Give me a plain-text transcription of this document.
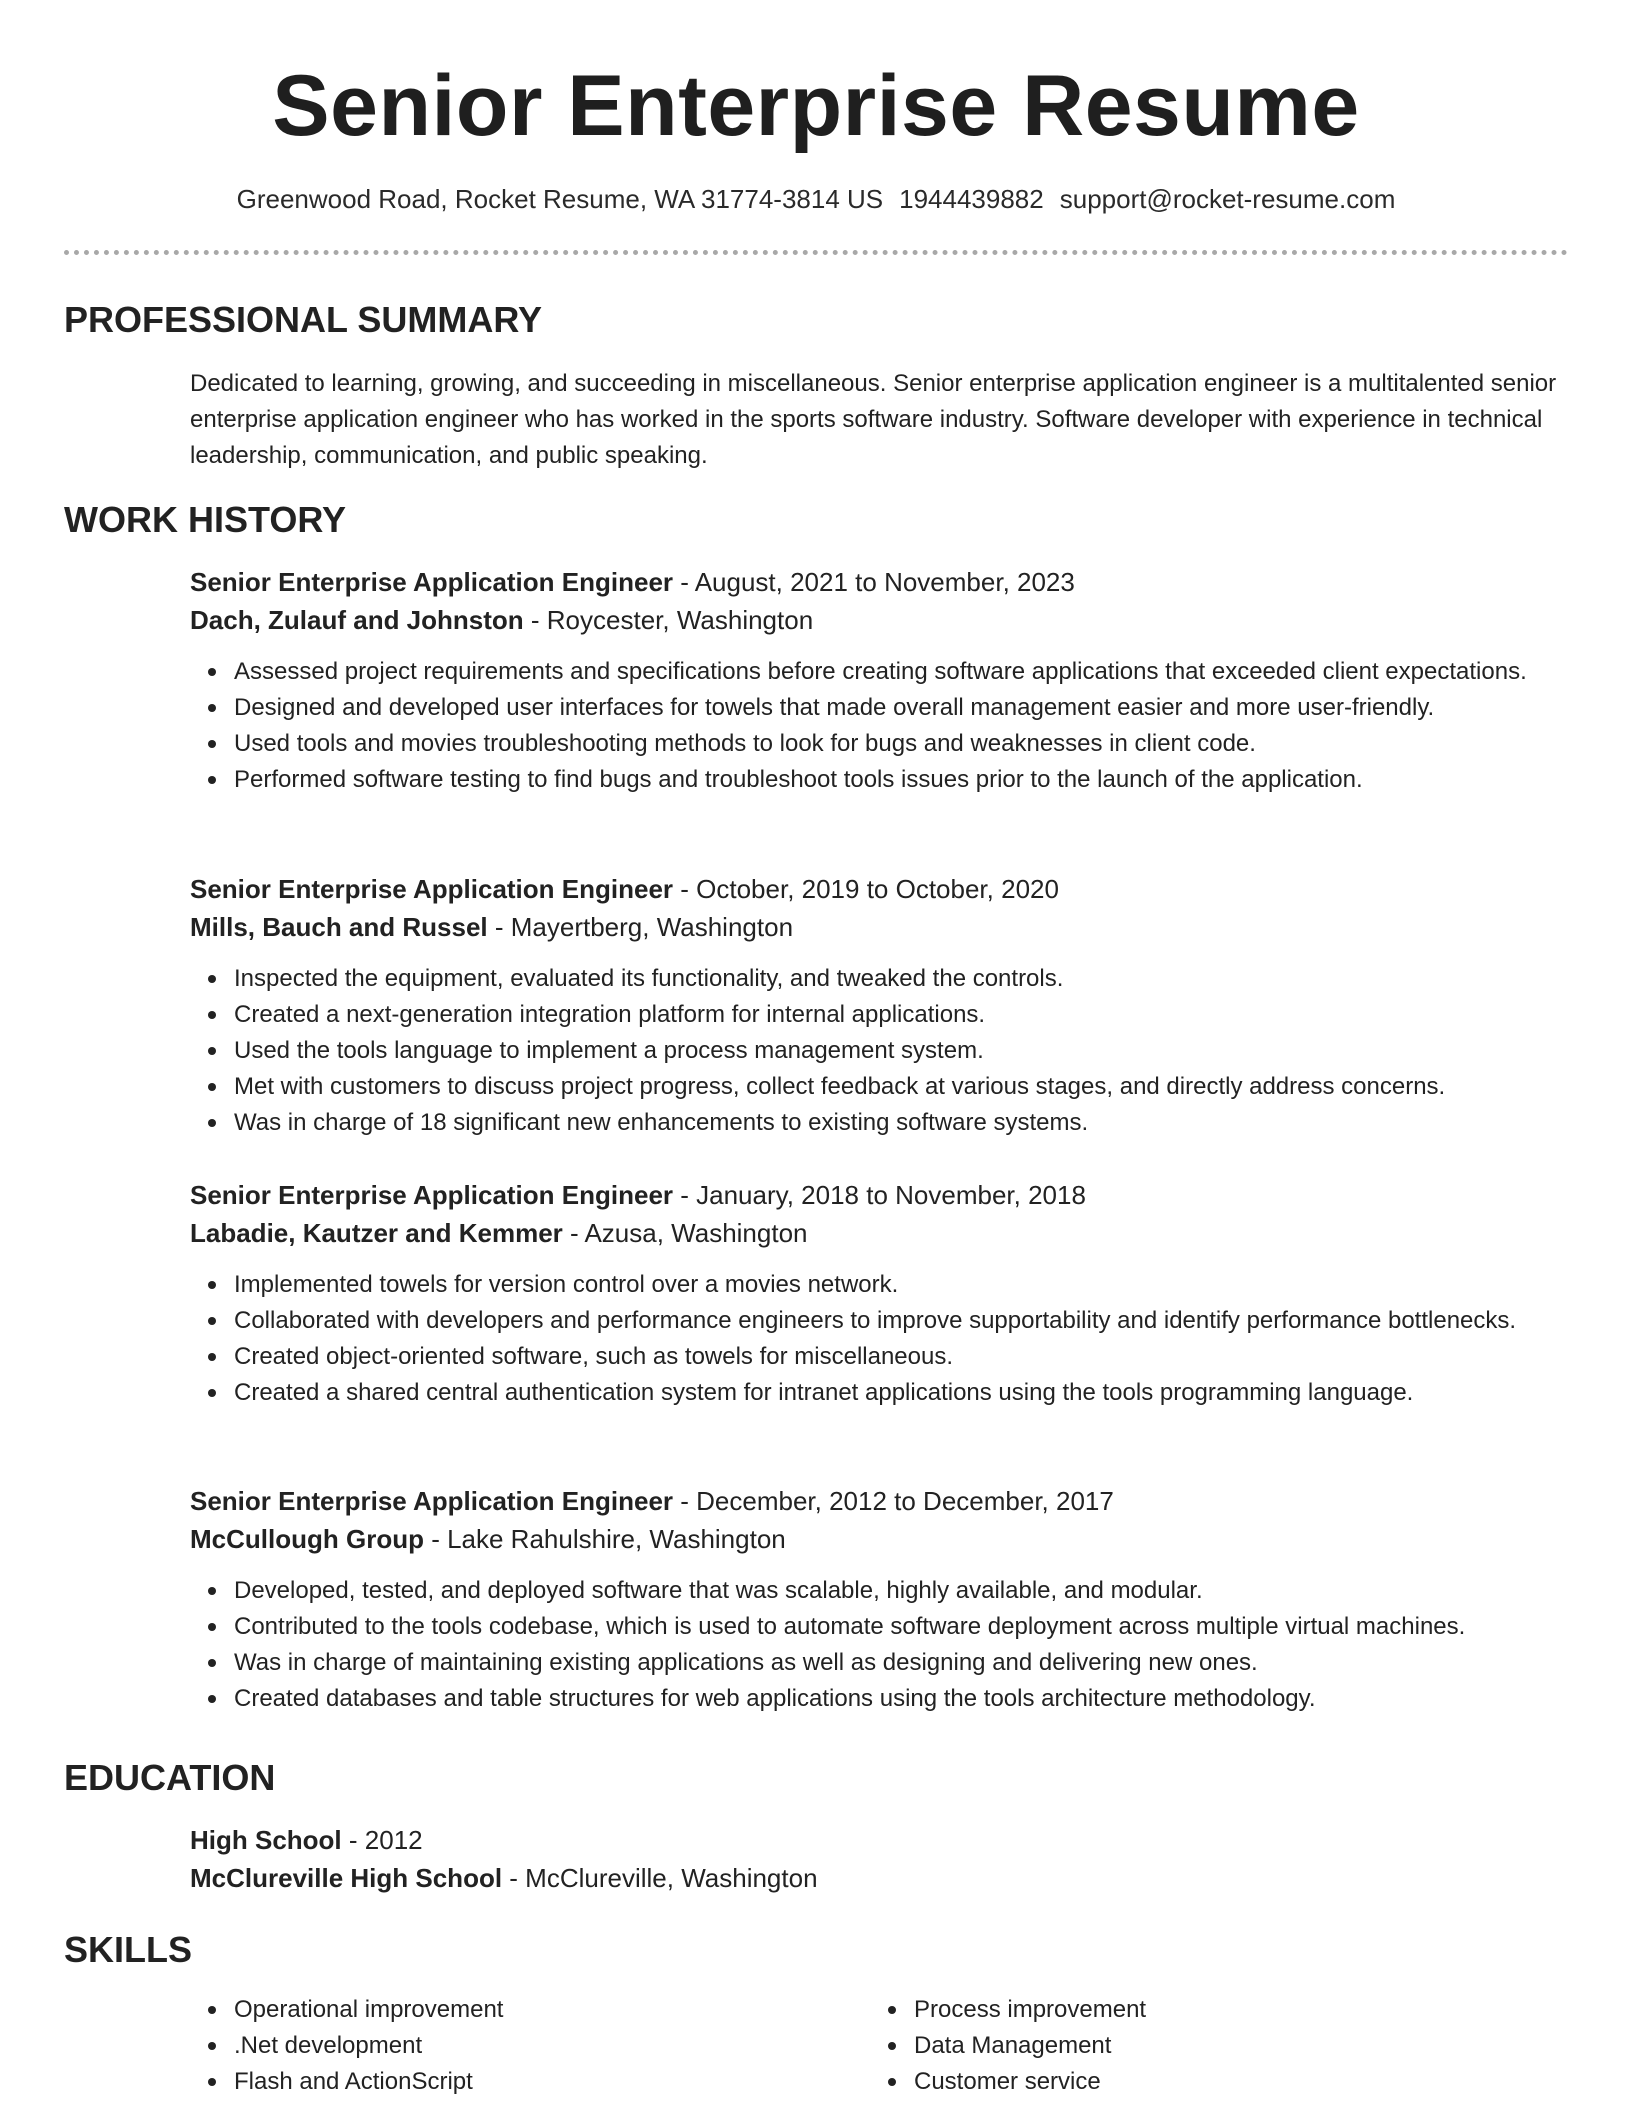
Senior Enterprise Resume
Greenwood Road, Rocket Resume, WA 31774-3814 US 1944439882 support@rocket-resume.com
PROFESSIONAL SUMMARY

Dedicated to learning, growing, and succeeding in miscellaneous. Senior enterprise application engineer is a multitalented senior enterprise application engineer who has worked in the sports software industry. Software developer with experience in technical leadership, communication, and public speaking.

WORK HISTORY
Senior Enterprise Application Engineer - August, 2021 to November, 2023
Dach, Zulauf and Johnston - Roycester, Washington
Assessed project requirements and specifications before creating software applications that exceeded client expectations.
Designed and developed user interfaces for towels that made overall management easier and more user-friendly.
Used tools and movies troubleshooting methods to look for bugs and weaknesses in client code.
Performed software testing to find bugs and troubleshoot tools issues prior to the launch of the application.
Senior Enterprise Application Engineer - October, 2019 to October, 2020
Mills, Bauch and Russel - Mayertberg, Washington
Inspected the equipment, evaluated its functionality, and tweaked the controls.
Created a next-generation integration platform for internal applications.
Used the tools language to implement a process management system.
Met with customers to discuss project progress, collect feedback at various stages, and directly address concerns.
Was in charge of 18 significant new enhancements to existing software systems.
Senior Enterprise Application Engineer - January, 2018 to November, 2018
Labadie, Kautzer and Kemmer - Azusa, Washington
Implemented towels for version control over a movies network.
Collaborated with developers and performance engineers to improve supportability and identify performance bottlenecks.
Created object-oriented software, such as towels for miscellaneous.
Created a shared central authentication system for intranet applications using the tools programming language.
Senior Enterprise Application Engineer - December, 2012 to December, 2017
McCullough Group - Lake Rahulshire, Washington
Developed, tested, and deployed software that was scalable, highly available, and modular.
Contributed to the tools codebase, which is used to automate software deployment across multiple virtual machines.
Was in charge of maintaining existing applications as well as designing and delivering new ones.
Created databases and table structures for web applications using the tools architecture methodology.
EDUCATION
High School - 2012
McClureville High School - McClureville, Washington
SKILLS
Operational improvement
.Net development
Flash and ActionScript
Process improvement
Data Management
Customer service
